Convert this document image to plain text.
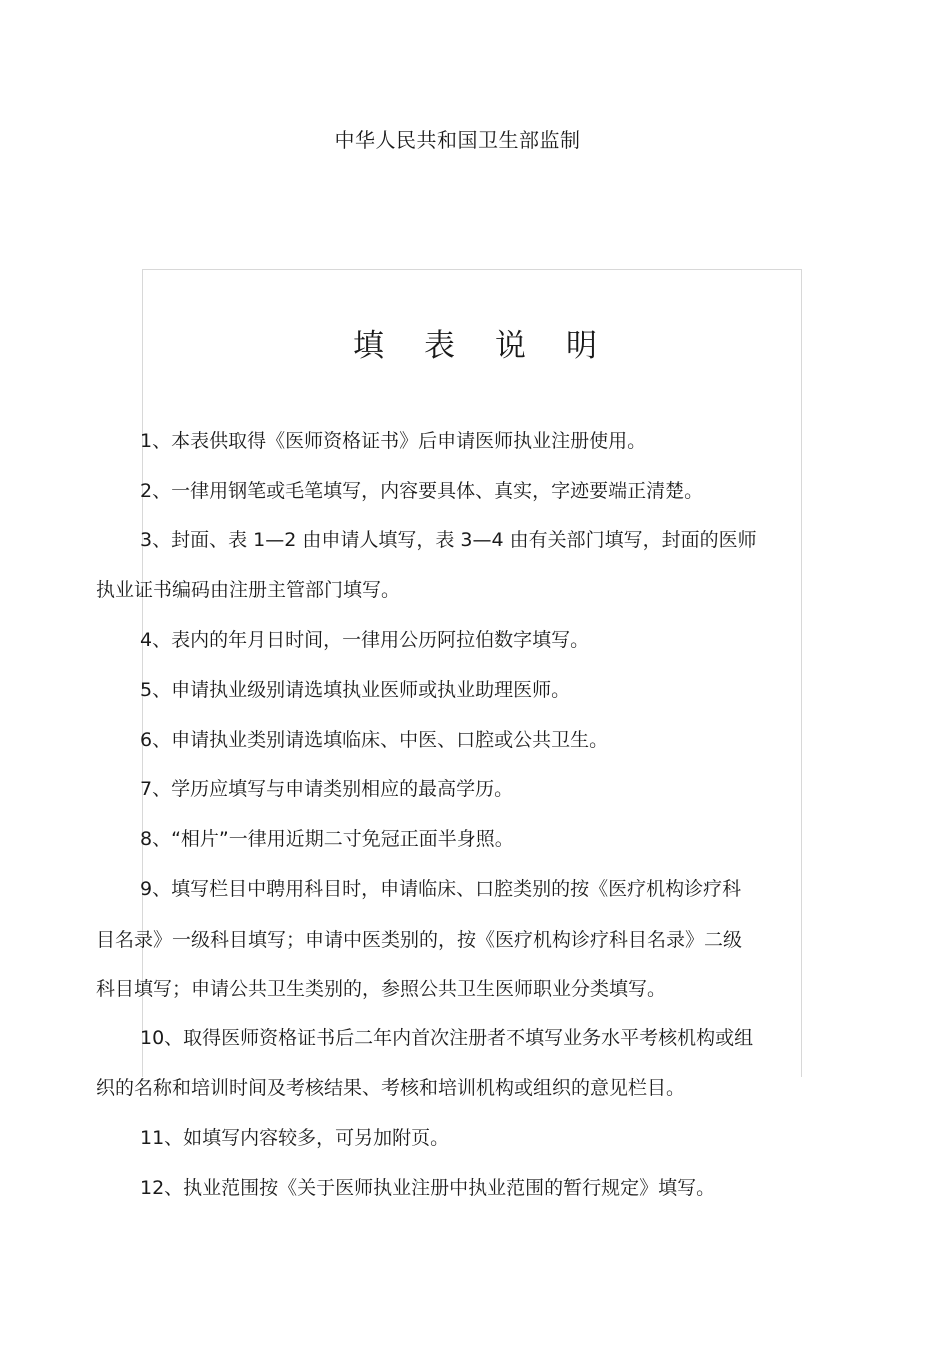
中华人民共和国卫生部监制
填表说明
1、本表供取得《医师资格证书》后申请医师执业注册使用。
2、一律用钢笔或毛笔填写，内容要具体、真实，字迹要端正清楚。
3、封面、表 1—2 由申请人填写，表 3—4 由有关部门填写，封面的医师
执业证书编码由注册主管部门填写。
4、表内的年月日时间，一律用公历阿拉伯数字填写。
5、申请执业级别请选填执业医师或执业助理医师。
6、申请执业类别请选填临床、中医、口腔或公共卫生。
7、学历应填写与申请类别相应的最高学历。
8、“相片”一律用近期二寸免冠正面半身照。
9、填写栏目中聘用科目时，申请临床、口腔类别的按《医疗机构诊疗科
目名录》一级科目填写；申请中医类别的，按《医疗机构诊疗科目名录》二级
科目填写；申请公共卫生类别的，参照公共卫生医师职业分类填写。
10、取得医师资格证书后二年内首次注册者不填写业务水平考核机构或组
织的名称和培训时间及考核结果、考核和培训机构或组织的意见栏目。
11、如填写内容较多，可另加附页。
12、执业范围按《关于医师执业注册中执业范围的暂行规定》填写。
